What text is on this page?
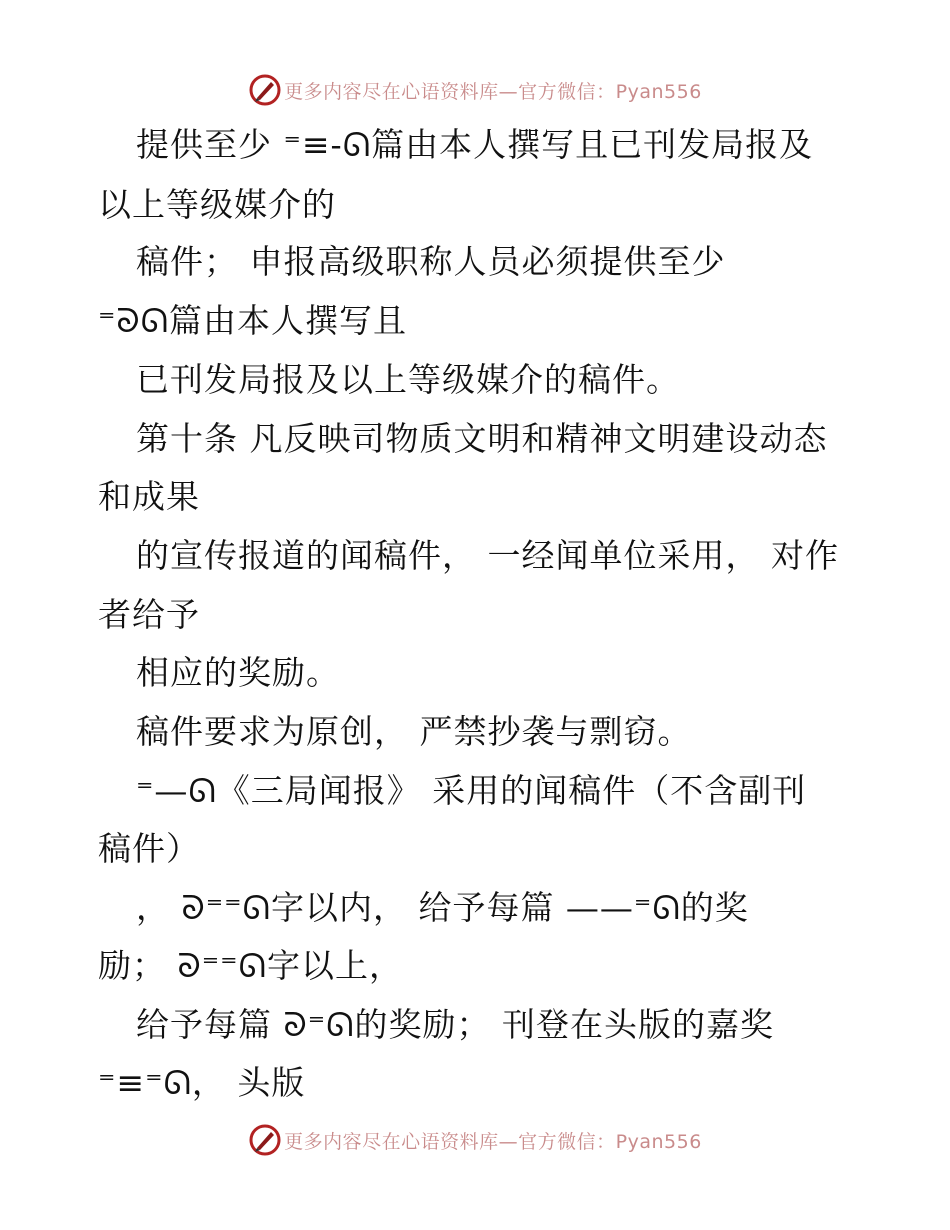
更多内容尽在心语资料库—官方微信：Pyan556
提供至少 ⁼≡-ᘏ篇由本人撰写且已刊发局报及
以上等级媒介的
稿件； 申报高级职称人员必须提供至少
⁼ᘐᘏ篇由本人撰写且
已刊发局报及以上等级媒介的稿件。
第十条 凡反映司物质文明和精神文明建设动态
和成果
的宣传报道的闻稿件， 一经闻单位采用， 对作
者给予
相应的奖励。
稿件要求为原创， 严禁抄袭与剽窃。
⁼—ᘏ《三局闻报》 采用的闻稿件（不含副刊
稿件）
， ᘐ⁼⁼ᘏ字以内， 给予每篇 ——⁼ᘏ的奖
励； ᘐ⁼⁼ᘏ字以上，
给予每篇 ᘐ⁼ᘏ的奖励； 刊登在头版的嘉奖
⁼≡⁼ᘏ， 头版
更多内容尽在心语资料库—官方微信：Pyan556
